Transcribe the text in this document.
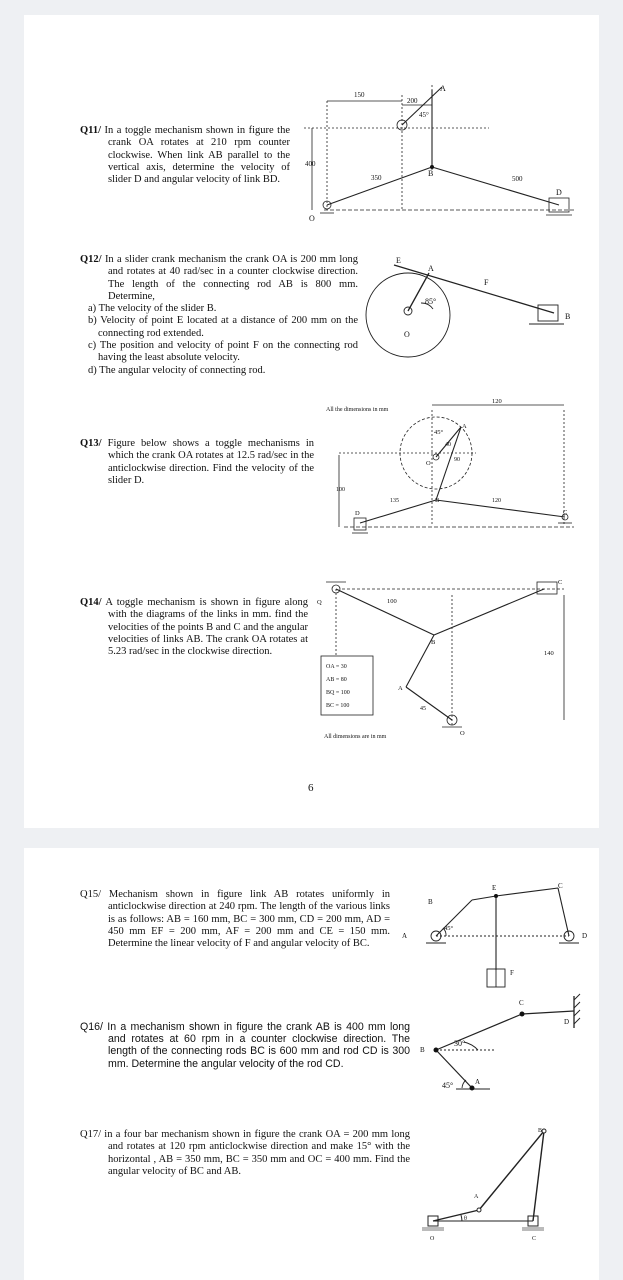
Q11/ In a toggle mechanism shown in figure the crank OA rotates at 210 rpm counter clockwise. When link AB parallel to the vertical axis, determine the velocity of slider D and angular velocity of link BD.
150
200
45°
400
350	500
A
B
D
O
Q12/ In a slider crank mechanism the crank OA is 200 mm long and rotates at 40 rad/sec in a counter clockwise direction. The length of the connecting rod AB is 800 mm. Determine,
a) The velocity of the slider B.
b) Velocity of point E located at a distance of 200 mm on the connecting rod extended.
c) The position and velocity of point F on the connecting rod having the least absolute velocity.
d) The angular velocity of connecting rod.
E
A
F
B
O
85°
Q13/ Figure below shows a toggle mechanisms in which the crank OA rotates at 12.5 rad/sec in the anticlockwise direction. Find the velocity of the slider D.
All the dimensions in mm
120
45°
40
90
A
O
100
135	B	120
C
D
Q14/ A toggle mechanism is shown in figure along with the diagrams of the links in mm. find the velocities of the points B and C and the angular velocities of links AB. The crank OA rotates at 5.23 rad/sec in the clockwise direction.
Q	100
C
B
140
A
45
O
OA = 30
AB = 80
BQ = 100
BC = 100
All dimensions are in mm
6
Q15/ Mechanism shown in figure link AB rotates uniformly in anticlockwise direction at 240 rpm. The length of the various links is as follows: AB = 160 mm, BC = 300 mm, CD = 200 mm, AD = 450 mm EF = 200 mm, AF = 200 mm and CE = 150 mm. Determine the linear velocity of F and angular velocity of BC.
B
E	C
A	D
F
45°
Q16/ In a mechanism shown in figure the crank AB is 400 mm long and rotates at 60 rpm in a counter clockwise direction. The length of the connecting rods BC is 600 mm and rod CD is 300 mm. Determine the angular velocity of the rod CD.
C
D
B
A
30°
45°
Q17/ in a four bar mechanism shown in figure the crank OA = 200 mm long and rotates at 120 rpm anticlockwise direction and make 15° with the horizontal , AB = 350 mm, BC = 350 mm and OC = 400 mm. Find the angular velocity of BC and AB.
B
A
O	C
θ
